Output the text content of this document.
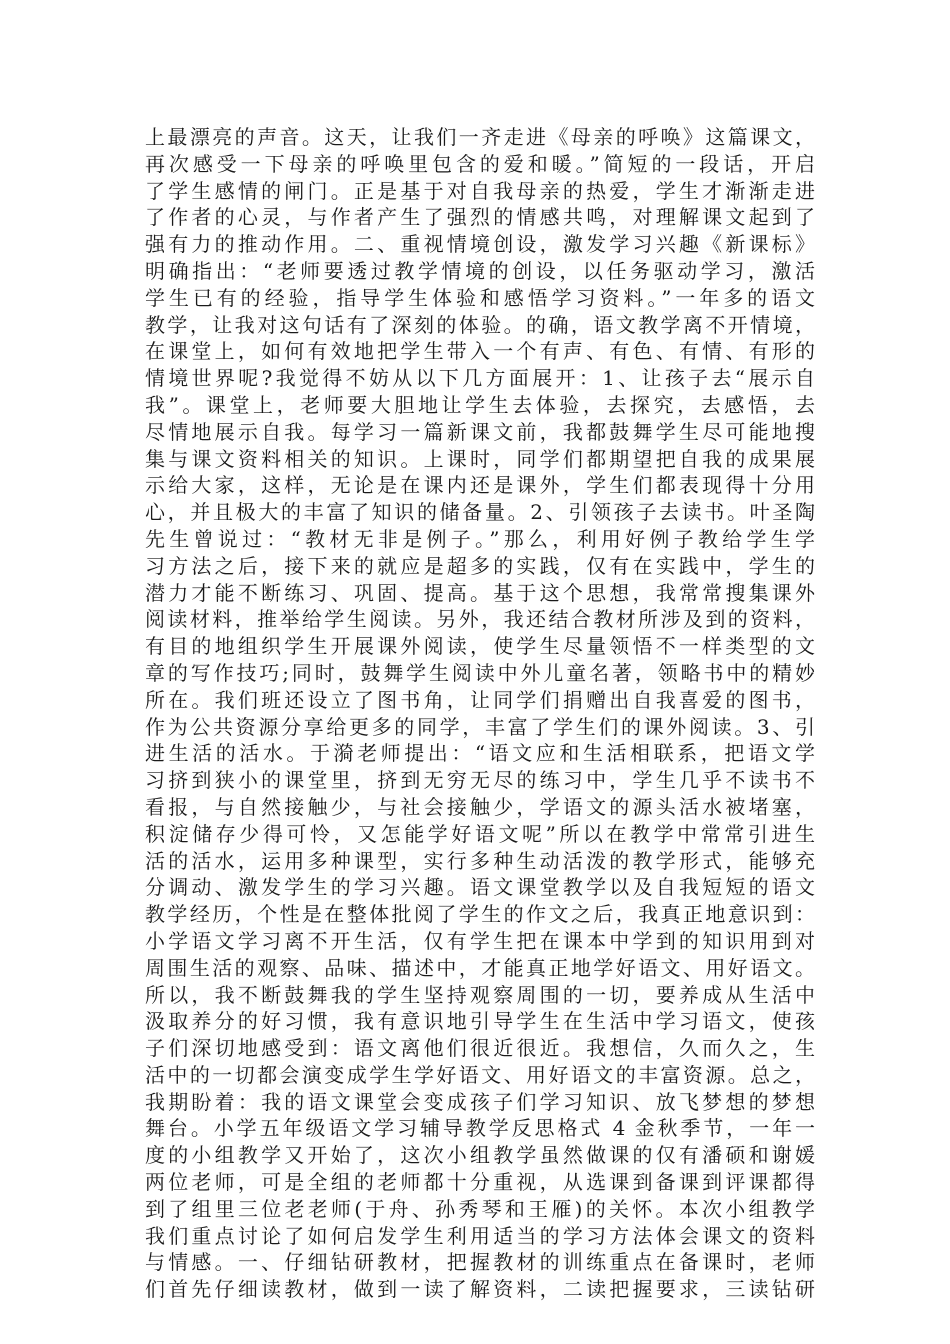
上最漂亮的声音。这天，让我们一齐走进《母亲的呼唤》这篇课文，
再次感受一下母亲的呼唤里包含的爱和暖。”简短的一段话，开启
了学生感情的闸门。正是基于对自我母亲的热爱，学生才渐渐走进
了作者的心灵，与作者产生了强烈的情感共鸣，对理解课文起到了
强有力的推动作用。二、重视情境创设，激发学习兴趣《新课标》
明确指出：“老师要透过教学情境的创设，以任务驱动学习，激活
学生已有的经验，指导学生体验和感悟学习资料。”一年多的语文
教学，让我对这句话有了深刻的体验。的确，语文教学离不开情境，
在课堂上，如何有效地把学生带入一个有声、有色、有情、有形的
情境世界呢?我觉得不妨从以下几方面展开：1、让孩子去“展示自
我”。课堂上，老师要大胆地让学生去体验，去探究，去感悟，去
尽情地展示自我。每学习一篇新课文前，我都鼓舞学生尽可能地搜
集与课文资料相关的知识。上课时，同学们都期望把自我的成果展
示给大家，这样，无论是在课内还是课外，学生们都表现得十分用
心，并且极大的丰富了知识的储备量。2、引领孩子去读书。叶圣陶
先生曾说过：“教材无非是例子。”那么，利用好例子教给学生学
习方法之后，接下来的就应是超多的实践，仅有在实践中，学生的
潜力才能不断练习、巩固、提高。基于这个思想，我常常搜集课外
阅读材料，推举给学生阅读。另外，我还结合教材所涉及到的资料，
有目的地组织学生开展课外阅读，使学生尽量领悟不一样类型的文
章的写作技巧;同时，鼓舞学生阅读中外儿童名著，领略书中的精妙
所在。我们班还设立了图书角，让同学们捐赠出自我喜爱的图书，
作为公共资源分享给更多的同学，丰富了学生们的课外阅读。3、引
进生活的活水。于漪老师提出：“语文应和生活相联系，把语文学
习挤到狭小的课堂里，挤到无穷无尽的练习中，学生几乎不读书不
看报，与自然接触少，与社会接触少，学语文的源头活水被堵塞，
积淀储存少得可怜，又怎能学好语文呢”所以在教学中常常引进生
活的活水，运用多种课型，实行多种生动活泼的教学形式，能够充
分调动、激发学生的学习兴趣。语文课堂教学以及自我短短的语文
教学经历，个性是在整体批阅了学生的作文之后，我真正地意识到：
小学语文学习离不开生活，仅有学生把在课本中学到的知识用到对
周围生活的观察、品味、描述中，才能真正地学好语文、用好语文。
所以，我不断鼓舞我的学生坚持观察周围的一切，要养成从生活中
汲取养分的好习惯，我有意识地引导学生在生活中学习语文，使孩
子们深切地感受到：语文离他们很近很近。我想信，久而久之，生
活中的一切都会演变成学生学好语文、用好语文的丰富资源。总之，
我期盼着：我的语文课堂会变成孩子们学习知识、放飞梦想的梦想
舞台。小学五年级语文学习辅导教学反思格式 4 金秋季节，一年一
度的小组教学又开始了，这次小组教学虽然做课的仅有潘硕和谢媛
两位老师，可是全组的老师都十分重视，从选课到备课到评课都得
到了组里三位老老师(于舟、孙秀琴和王雁)的关怀。本次小组教学
我们重点讨论了如何启发学生利用适当的学习方法体会课文的资料
与情感。一、仔细钻研教材，把握教材的训练重点在备课时，老师
们首先仔细读教材，做到一读了解资料，二读把握要求，三读钻研
